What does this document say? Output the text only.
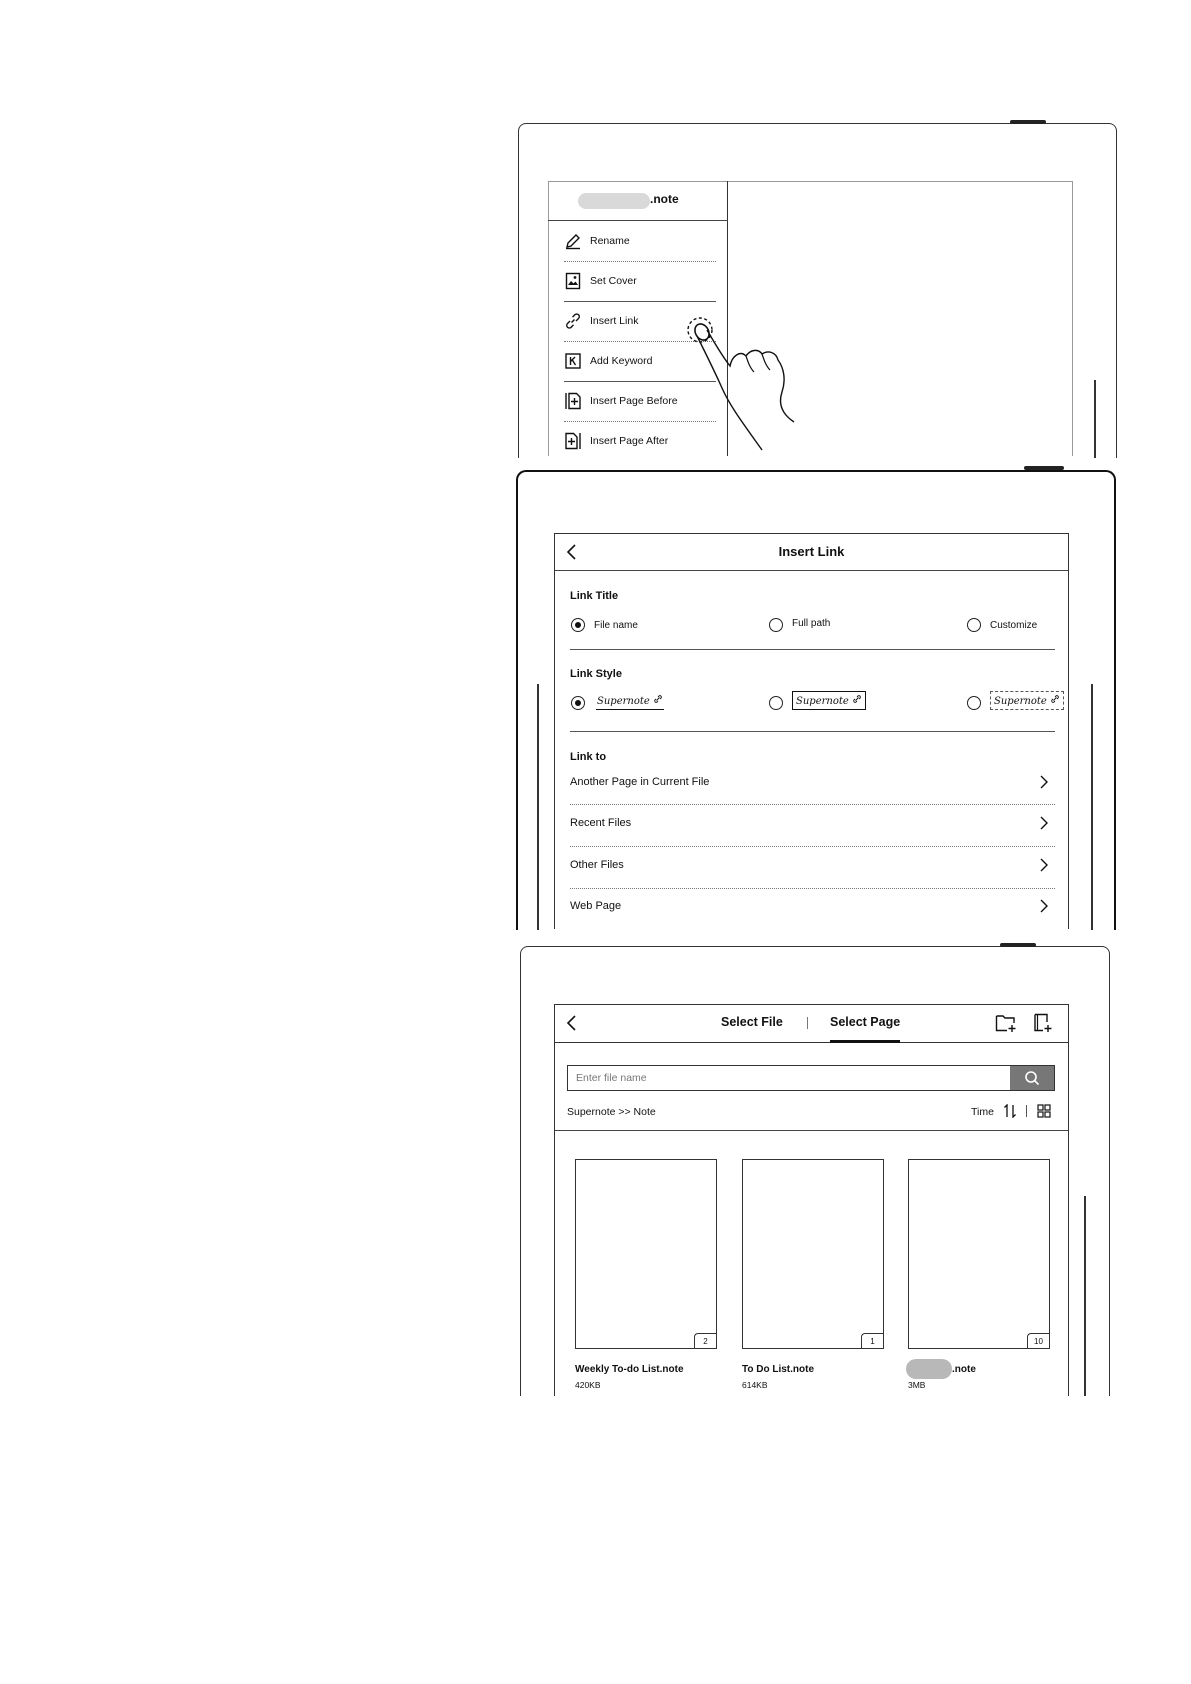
.note
Rename
Set Cover
Insert Link
Add Keyword
Insert Page Before
Insert Page After
Insert Link
Link Title
File name	Full path	Customize
Link Style
Supernote	Supernote	Supernote
Link to
Another Page in Current File
Recent Files
Other Files
Web Page
Select File	Select Page
Enter file name
Supernote >> Note	Time
2
Weekly To-do List.note
420KB
1
To Do List.note
614KB
10
.note
3MB
